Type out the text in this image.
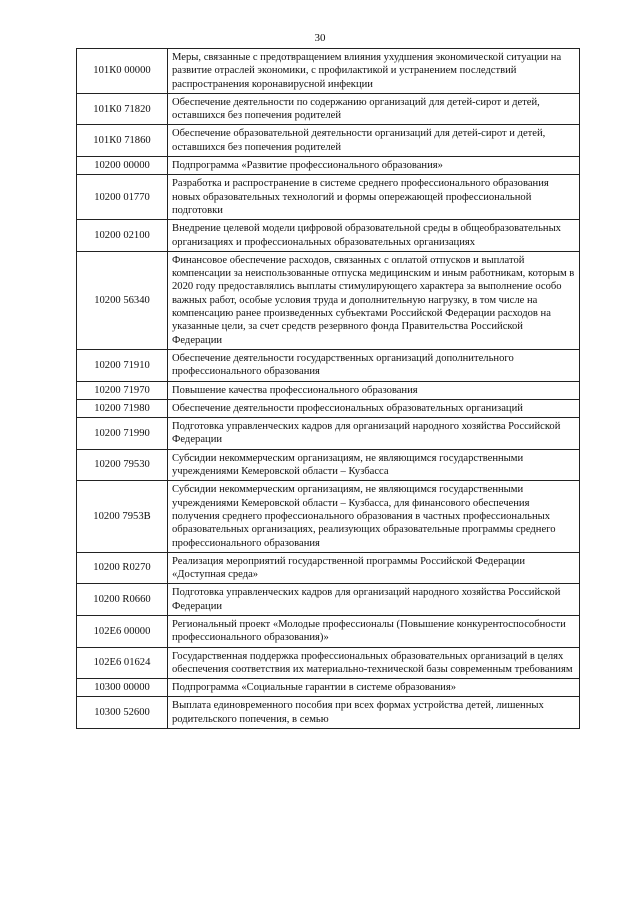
30
101К0 00000	Меры, связанные с предотвращением влияния ухудшения экономической ситуации на развитие отраслей экономики, с профилактикой и устранением последствий распространения коронавирусной инфекции
101К0 71820	Обеспечение деятельности по содержанию организаций для детей-сирот и детей, оставшихся без попечения родителей
101К0 71860	Обеспечение образовательной деятельности организаций для детей-сирот и детей, оставшихся без попечения родителей
10200 00000	Подпрограмма «Развитие профессионального образования»
10200 01770	Разработка и распространение в системе среднего профессионального образования новых образовательных технологий и формы опережающей профессиональной подготовки
10200 02100	Внедрение целевой модели цифровой образовательной среды в общеобразовательных организациях и профессиональных образовательных организациях
10200 56340	Финансовое обеспечение расходов, связанных с оплатой отпусков и выплатой компенсации за неиспользованные отпуска медицинским и иным работникам, которым в 2020 году предоставлялись выплаты стимулирующего характера за выполнение особо важных работ, особые условия труда и дополнительную нагрузку, в том числе на компенсацию ранее произведенных субъектами Российской Федерации расходов на указанные цели, за счет средств резервного фонда Правительства Российской Федерации
10200 71910	Обеспечение деятельности государственных организаций дополнительного профессионального образования
10200 71970	Повышение качества профессионального образования
10200 71980	Обеспечение деятельности профессиональных образовательных организаций
10200 71990	Подготовка управленческих кадров для организаций народного хозяйства Российской Федерации
10200 79530	Субсидии некоммерческим организациям, не являющимся государственными учреждениями Кемеровской области – Кузбасса
10200 7953В	Субсидии некоммерческим организациям, не являющимся государственными учреждениями Кемеровской области – Кузбасса, для финансового обеспечения получения среднего профессионального образования в частных профессиональных образовательных организациях, реализующих образовательные программы среднего профессионального образования
10200 R0270	Реализация мероприятий государственной программы Российской Федерации «Доступная среда»
10200 R0660	Подготовка управленческих кадров для организаций народного хозяйства Российской Федерации
102Е6 00000	Региональный проект «Молодые профессионалы (Повышение конкурентоспособности профессионального образования)»
102Е6 01624	Государственная поддержка профессиональных образовательных организаций в целях обеспечения соответствия их материально-технической базы современным требованиям
10300 00000	Подпрограмма «Социальные гарантии в системе образования»
10300 52600	Выплата единовременного пособия при всех формах устройства детей, лишенных родительского попечения, в семью
